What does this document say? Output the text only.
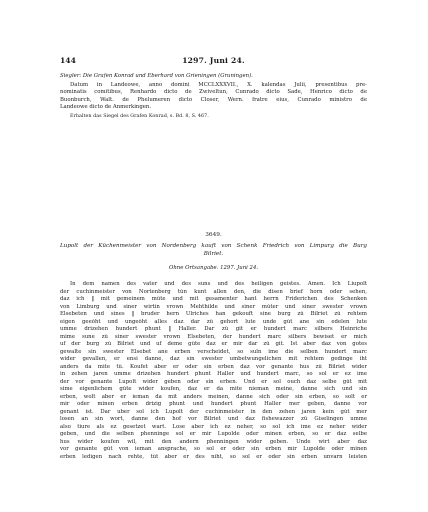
144	1297. Juni 24.
Siegler: Die Grafen Konrad und Eberhard von Grieningen (Gruningen).
Datum in Landeowe, anno domini MCCLXXXVII., X. kalendas Julii, presentibus pre-
nominatis comitibus, Renhardo dicto de Zwiveltun, Cunrado dicto Sade, Henrico dicto de
Buonburch, Walt. de Phelumeren dicto Closer, Wern. fratre eius, Cunrado ministro de
Landeowe dicto de Anmerkingen.
Erhalten das Siegel des Grafen Konrad, s. Bd. 8, S. 467.
3649.
Lupolt der Küchenmeister von Nordenberg kauft von Schenk Friedrich von Limpurg die Burg
Bilriet.
Ohne Ortsangabe. 1297. Juni 24.
In dem namen des vater und des suns und des heiligen geistes. Amen. Ich Liupolt
der cuchinmeister von Nortenberg tůn kunt allen den, die disen brief horn oder sehen,
daz ich ‖ mit gemeinem můte und mit gesamenter hant herrn Friderichen des Schenken
von Limburg und siner wirtin vrown Mehthilde und siner můter und siner swester vrown
Elsebeten und sines ‖ bruder hern Ulriches han gekouft sine burg zů Bilriet zů rehtem
eigen geeǒht und ungeǒht alles daz dar zů gehort lute unde gůt ane sin edelen lute
umme drizehen hundert phunt ‖ Haller. Dar zů git er hundert marc silbers Heinriche
mime sune zů siner swester vrown Elsebeten, der hundert marc silbers bewiset er mich
uf der burg zů Bilriet und uf deme gůte daz er mir dar zů git. Ist aber daz von gotes
gewalte sin swester Elsebet ane erben verscheidet, so suln ime die selben hundert marc
wider gevallen, er ensi danne, daz sin swester umbetwungelichen mit rehtem gedinge iht
anders da mite tů. Koufet aber er oder sin erben daz vor genante hus zů Bilriet wider
in zehen jaren umme drizehen hundert phunt Haller und hundert marc, so sol er ez ime
der vor genante Lupolt wider geben oder sin erben. Und er sol ouch daz selbe gůt mit
sime eigenlichem gůte wider koufen, daz er da mite nieman meine, danne sich und sin
erben, wolt aber er ieman da mit anders meinen, danne sich oder sin erben, so solt er
mir oder minen erben drizig phunt und hundert phunt Haller mer geben, danne vor
genant ist. Dar uber sol ich Lupolt der cuchinmeister in den zehen jaren kein gůt mer
losen an sin wort, danne den hof vor Bilriet und daz fishewazzer zů Giselingen umme
also tiure als ez gesetzet wart. Lose aber ich ez neher, so sol ich ime ez neher wider
geben, und die selben phenninge sol er mir Lupolde oder minen erben, so er daz selbe
hus wider koufen wil, mit den andern phenningen wider geben. Unde wirt aber daz
vor genante gůt von ieman ansprache, so sol er oder sin erben mir Lupolde oder minen
erben ledigen nach rehte, tůt aber er des niht, so sol er oder sin erben unvarn leisten
